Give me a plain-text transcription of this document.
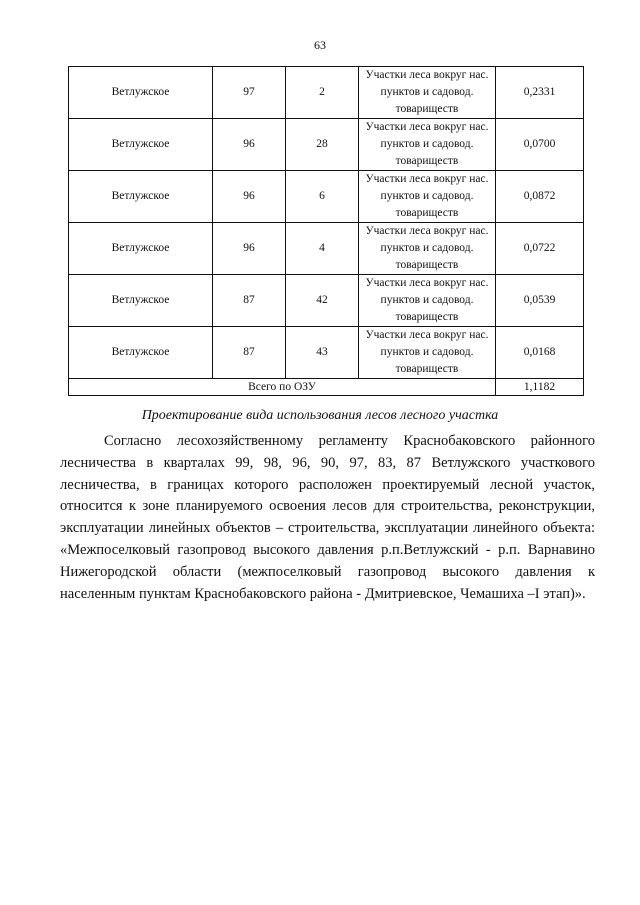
63
Ветлужское	97	2	Участки леса вокруг нас.
пунктов и садовод.
товариществ	0,2331
Ветлужское	96	28	Участки леса вокруг нас.
пунктов и садовод.
товариществ	0,0700
Ветлужское	96	6	Участки леса вокруг нас.
пунктов и садовод.
товариществ	0,0872
Ветлужское	96	4	Участки леса вокруг нас.
пунктов и садовод.
товариществ	0,0722
Ветлужское	87	42	Участки леса вокруг нас.
пунктов и садовод.
товариществ	0,0539
Ветлужское	87	43	Участки леса вокруг нас.
пунктов и садовод.
товариществ	0,0168
Всего по ОЗУ				1,1182
Проектирование вида использования лесов лесного участка

Согласно лесохозяйственному регламенту Краснобаковского районного лесничества в кварталах 99, 98, 96, 90, 97, 83, 87 Ветлужского участкового лесничества, в границах которого расположен проектируемый лесной участок, относится к зоне планируемого освоения лесов для строительства, реконструкции, эксплуатации линейных объектов – строительства, эксплуатации линейного объекта: «Межпоселковый газопровод высокого давления р.п.Ветлужский - р.п. Варнавино Нижегородской области (межпоселковый газопровод высокого давления к населенным пунктам Краснобаковского района - Дмитриевское, Чемашиха –I этап)».
